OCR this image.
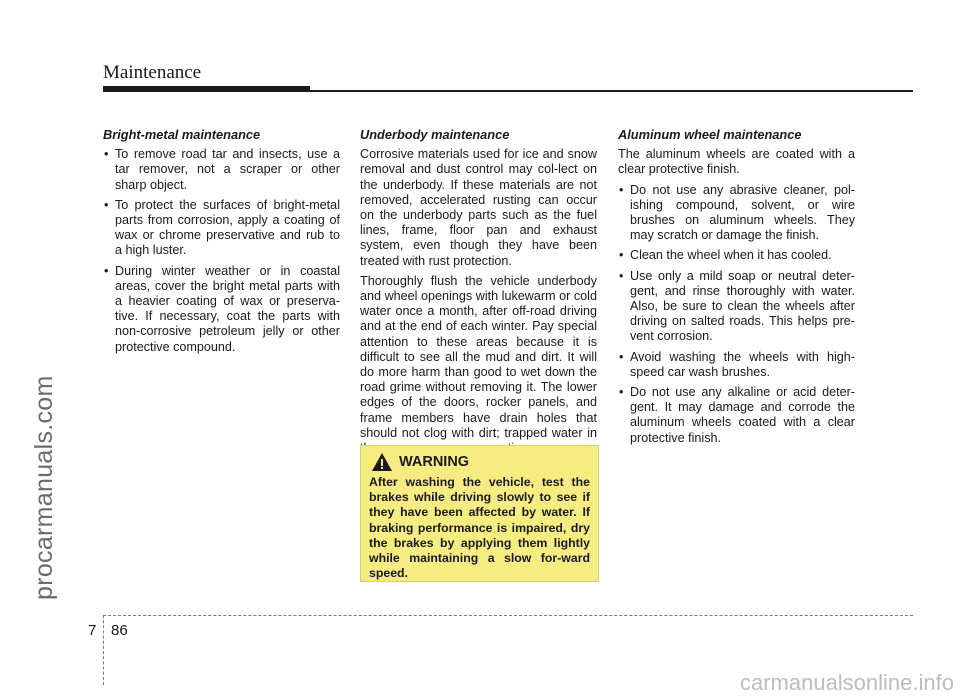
Maintenance
procarmanuals.com
carmanualsonline.info
Bright-metal maintenance
• To remove road tar and insects, use a tar remover, not a scraper or other sharp object.
• To protect the surfaces of bright-metal parts from corrosion, apply a coating of wax or chrome preservative and rub to a high luster.
• During winter weather or in coastal areas, cover the bright metal parts with a heavier coating of wax or preserva-tive. If necessary, coat the parts with non-corrosive petroleum jelly or other protective compound.
Underbody maintenance

Corrosive materials used for ice and snow removal and dust control may col-lect on the underbody. If these materials are not removed, accelerated rusting can occur on the underbody parts such as the fuel lines, frame, floor pan and exhaust system, even though they have been treated with rust protection.

Thoroughly flush the vehicle underbody and wheel openings with lukewarm or cold water once a month, after off-road driving and at the end of each winter. Pay special attention to these areas because it is difficult to see all the mud and dirt. It will do more harm than good to wet down the road grime without removing it. The lower edges of the doors, rocker panels, and frame members have drain holes that should not clog with dirt; trapped water in

WARNING
After washing the vehicle, test the brakes while driving slowly to see if they have been affected by water. If braking performance is impaired, dry the brakes by applying them lightly while maintaining a slow for-ward speed.
Aluminum wheel maintenance

The aluminum wheels are coated with a clear protective finish.

• Do not use any abrasive cleaner, pol-ishing compound, solvent, or wire brushes on aluminum wheels. They may scratch or damage the finish.
• Clean the wheel when it has cooled.
• Use only a mild soap or neutral deter-gent, and rinse thoroughly with water. Also, be sure to clean the wheels after driving on salted roads. This helps pre-vent corrosion.
• Avoid washing the wheels with high-speed car wash brushes.
• Do not use any alkaline or acid deter-gent. It may damage and corrode the aluminum wheels coated with a clear protective finish.
7 86
